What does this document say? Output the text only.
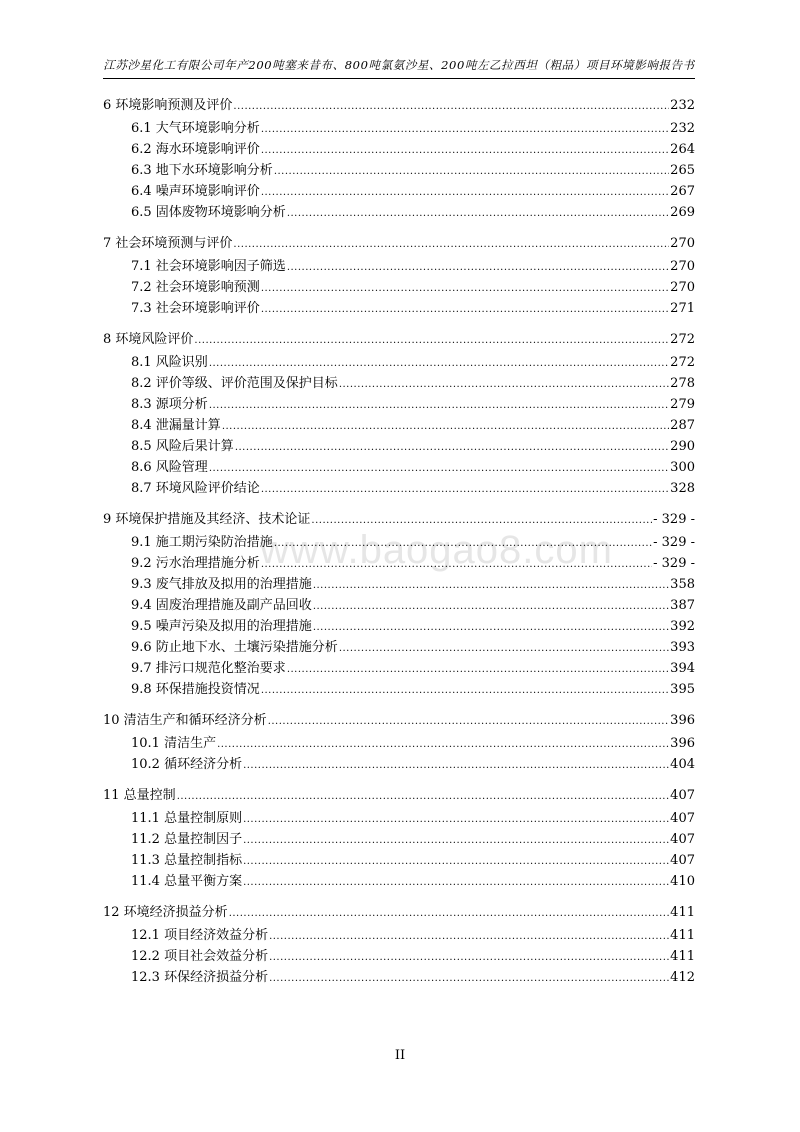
江苏沙星化工有限公司年产200吨塞来昔布、800吨氯氨沙星、200吨左乙拉西坦（粗品）项目环境影响报告书
www.baogao8.com
6 环境影响预测及评价 .....	232
6.1 大气环境影响分析 .....	232
6.2 海水环境影响评价 .....	264
6.3 地下水环境影响分析 .....	265
6.4 噪声环境影响评价 .....	267
6.5 固体废物环境影响分析 .....	269
7 社会环境预测与评价 .....	270
7.1 社会环境影响因子筛选 .....	270
7.2 社会环境影响预测 .....	270
7.3 社会环境影响评价 .....	271
8 环境风险评价 .....	272
8.1 风险识别 .....	272
8.2 评价等级、评价范围及保护目标 .....	278
8.3 源项分析 .....	279
8.4 泄漏量计算 .....	287
8.5 风险后果计算 .....	290
8.6 风险管理 .....	300
8.7 环境风险评价结论 .....	328
9 环境保护措施及其经济、技术论证 .....	- 329 -
9.1 施工期污染防治措施 .....	- 329 -
9.2 污水治理措施分析 .....	- 329 -
9.3 废气排放及拟用的治理措施 .....	358
9.4 固废治理措施及副产品回收 .....	387
9.5 噪声污染及拟用的治理措施 .....	392
9.6 防止地下水、土壤污染措施分析 .....	393
9.7 排污口规范化整治要求 .....	394
9.8 环保措施投资情况 .....	395
10 清洁生产和循环经济分析 .....	396
10.1 清洁生产 .....	396
10.2 循环经济分析 .....	404
11 总量控制 .....	407
11.1 总量控制原则 .....	407
11.2 总量控制因子 .....	407
11.3 总量控制指标 .....	407
11.4 总量平衡方案 .....	410
12 环境经济损益分析 .....	411
12.1 项目经济效益分析 .....	411
12.2 项目社会效益分析 .....	411
12.3 环保经济损益分析 .....	412
II
